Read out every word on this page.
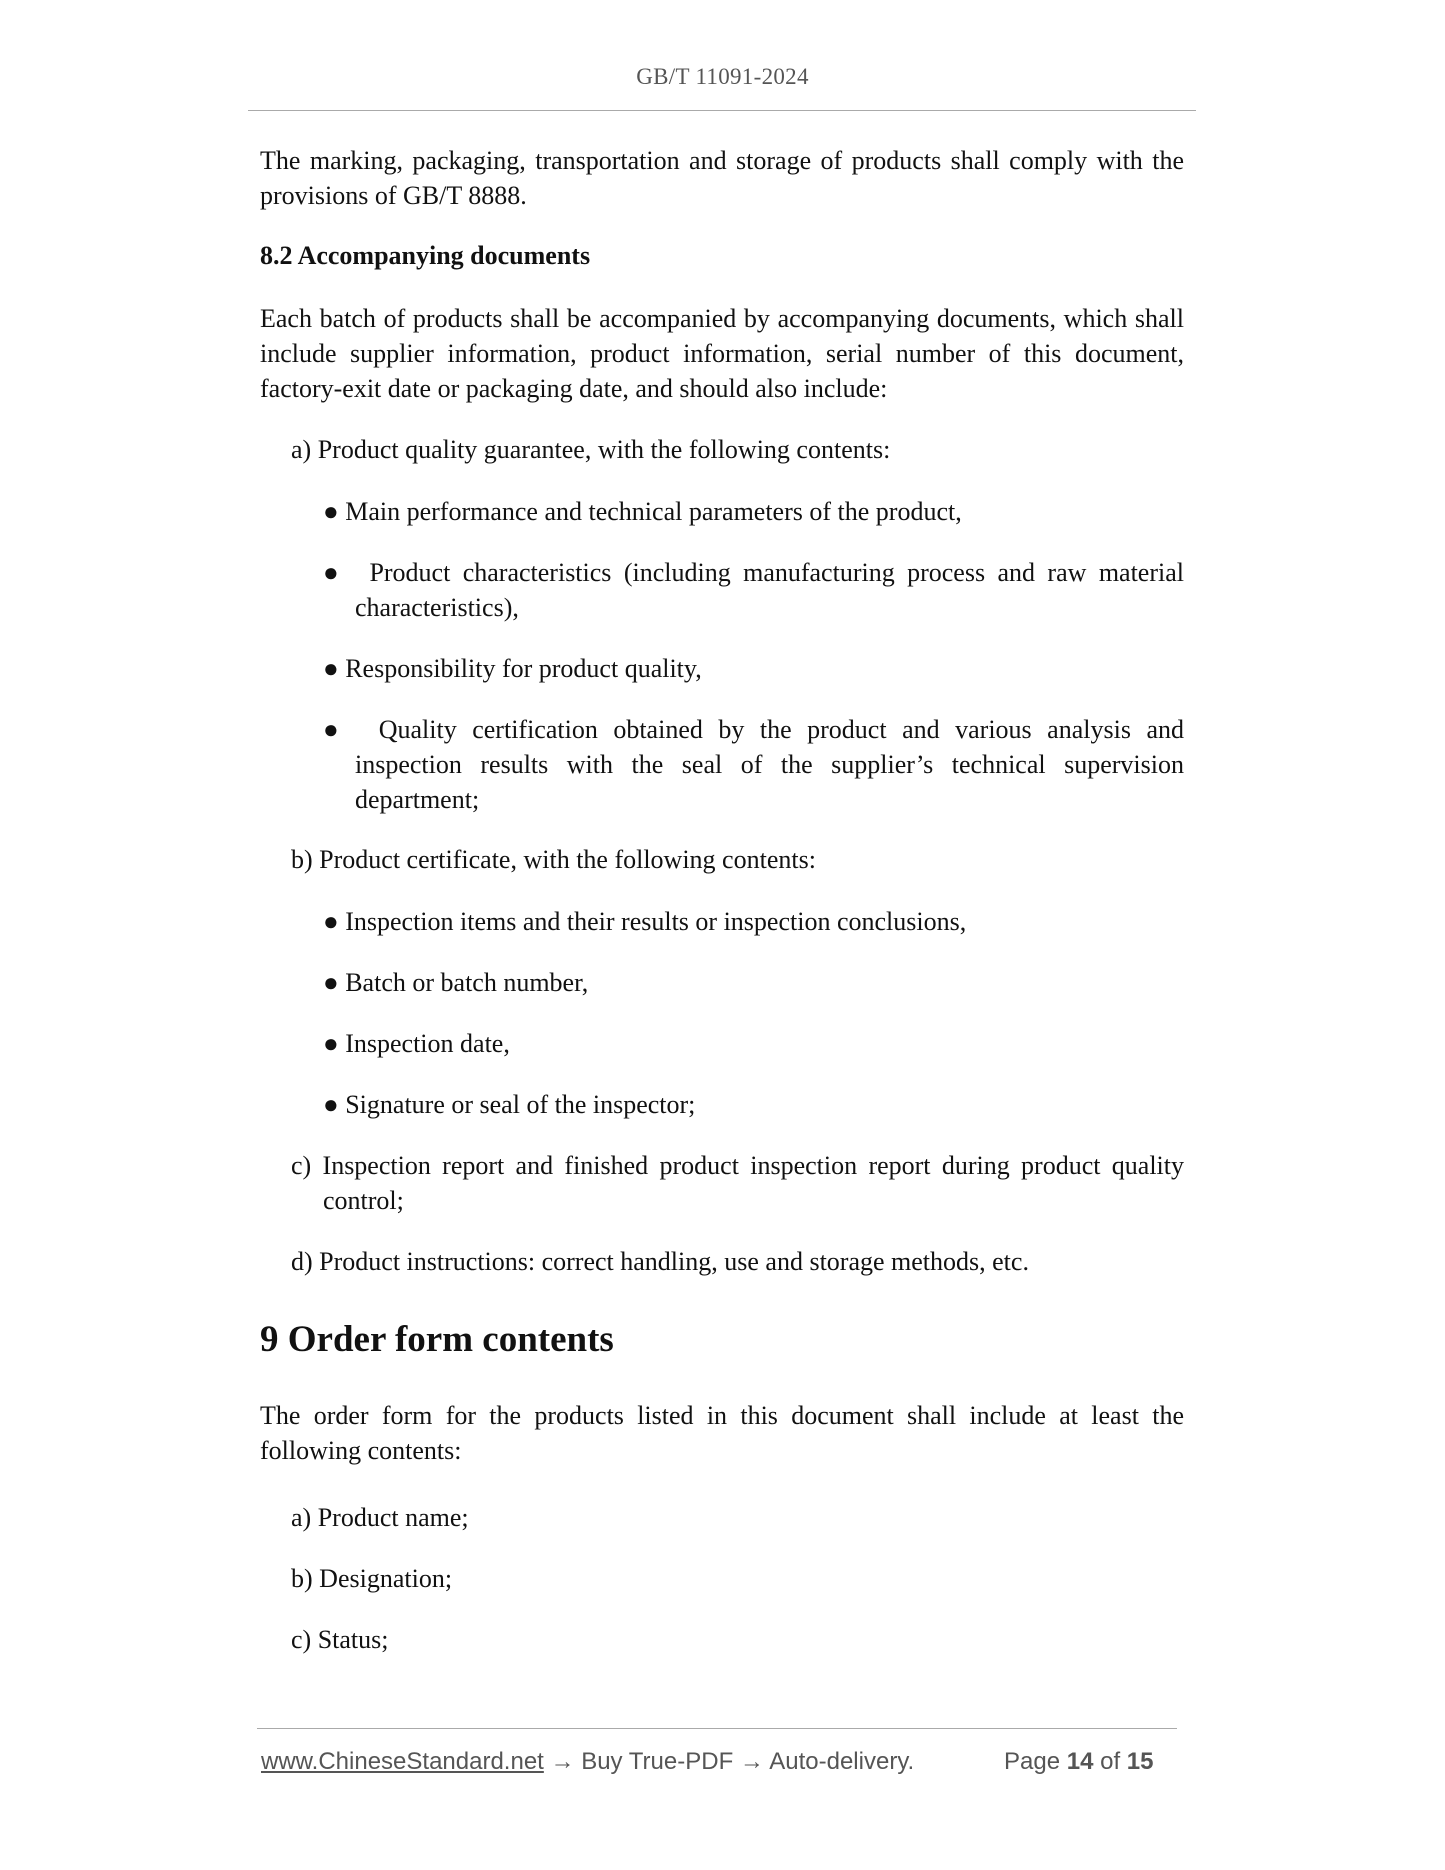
GB/T 11091-2024
The marking, packaging, transportation and storage of products shall comply with the provisions of GB/T 8888.
8.2 Accompanying documents
Each batch of products shall be accompanied by accompanying documents, which shall include supplier information, product information, serial number of this document, factory-exit date or packaging date, and should also include:
a) Product quality guarantee, with the following contents:
● Main performance and technical parameters of the product,
● Product characteristics (including manufacturing process and raw material characteristics),
● Responsibility for product quality,
● Quality certification obtained by the product and various analysis and inspection results with the seal of the supplier’s technical supervision department;
b) Product certificate, with the following contents:
● Inspection items and their results or inspection conclusions,
● Batch or batch number,
● Inspection date,
● Signature or seal of the inspector;
c) Inspection report and finished product inspection report during product quality control;
d) Product instructions: correct handling, use and storage methods, etc.
9 Order form contents
The order form for the products listed in this document shall include at least the following contents:
a) Product name;
b) Designation;
c) Status;
www.ChineseStandard.net → Buy True-PDF → Auto-delivery.	Page 14 of 15
